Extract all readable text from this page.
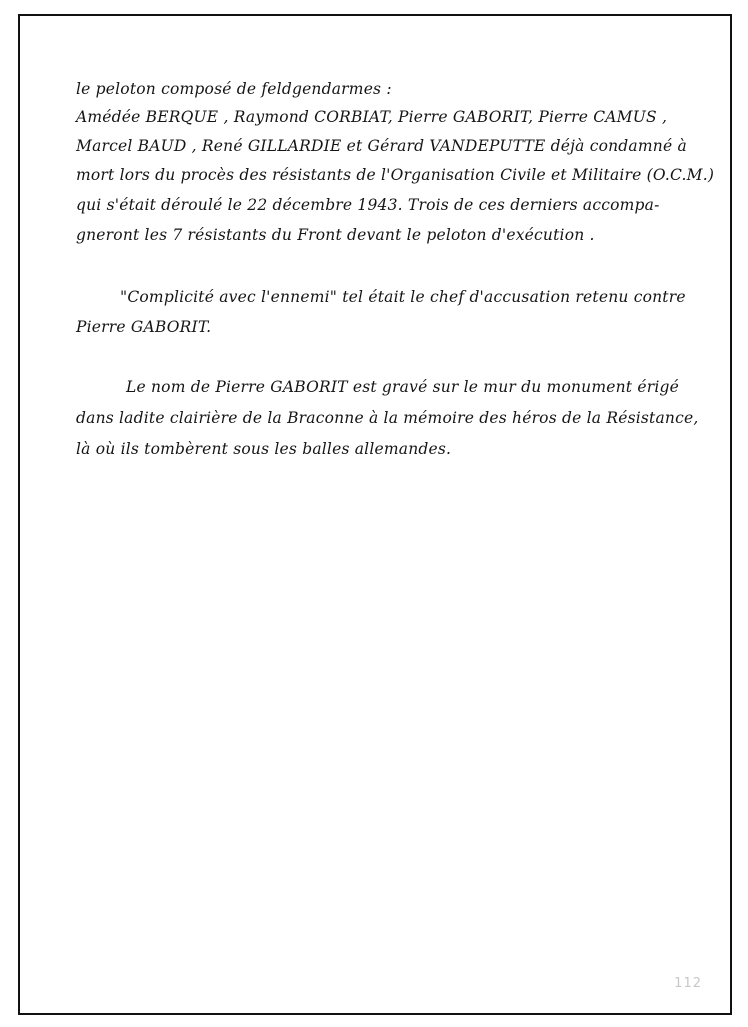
le peloton composé de feldgendarmes :
Amédée BERQUE , Raymond CORBIAT, Pierre GABORIT, Pierre CAMUS ,
Marcel BAUD , René GILLARDIE et Gérard VANDEPUTTE déjà condamné à
mort lors du procès des résistants de l'Organisation Civile et Militaire (O.C.M.)
qui s'était déroulé le 22 décembre 1943. Trois de ces derniers accompa-
gneront les 7 résistants du Front devant le peloton d'exécution .
"Complicité avec l'ennemi" tel était le chef d'accusation retenu contre
Pierre GABORIT.
Le nom de Pierre GABORIT est gravé sur le mur du monument érigé
dans ladite clairière de la Braconne à la mémoire des héros de la Résistance,
là où ils tombèrent sous les balles allemandes.
112
